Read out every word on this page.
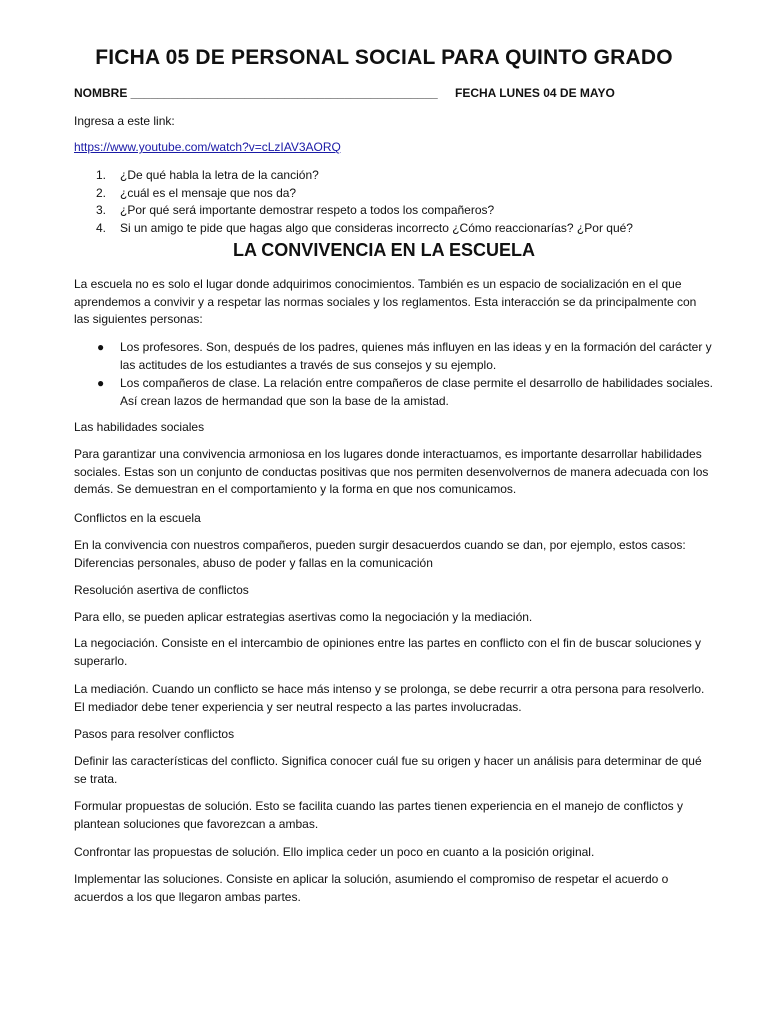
FICHA 05 DE PERSONAL SOCIAL PARA QUINTO GRADO
NOMBRE ______________________________________________ FECHA LUNES 04 DE MAYO
Ingresa a este link:
https://www.youtube.com/watch?v=cLzIAV3AORQ
1.	¿De qué habla la letra de la canción?
2.	¿cuál es el mensaje que nos da?
3.	¿Por qué será importante demostrar respeto a todos los compañeros?
4.	Si un amigo te pide que hagas algo que consideras incorrecto ¿Cómo reaccionarías? ¿Por qué?
LA CONVIVENCIA EN LA ESCUELA
La escuela no es solo el lugar donde adquirimos conocimientos. También es un espacio de socialización en el que aprendemos a convivir y a respetar las normas sociales y los reglamentos. Esta interacción se da principalmente con las siguientes personas:
● Los profesores. Son, después de los padres, quienes más influyen en las ideas y en la formación del carácter y las actitudes de los estudiantes a través de sus consejos y su ejemplo.
● Los compañeros de clase. La relación entre compañeros de clase permite el desarrollo de habilidades sociales. Así crean lazos de hermandad que son la base de la amistad.
Las habilidades sociales
Para garantizar una convivencia armoniosa en los lugares donde interactuamos, es importante desarrollar habilidades sociales. Estas son un conjunto de conductas positivas que nos permiten desenvolvernos de manera adecuada con los demás. Se demuestran en el comportamiento y la forma en que nos comunicamos.
Conflictos en la escuela
En la convivencia con nuestros compañeros, pueden surgir desacuerdos cuando se dan, por ejemplo, estos casos: Diferencias personales, abuso de poder y fallas en la comunicación
Resolución asertiva de conflictos
Para ello, se pueden aplicar estrategias asertivas como la negociación y la mediación.
La negociación. Consiste en el intercambio de opiniones entre las partes en conflicto con el fin de buscar soluciones y superarlo.
La mediación. Cuando un conflicto se hace más intenso y se prolonga, se debe recurrir a otra persona para resolverlo. El mediador debe tener experiencia y ser neutral respecto a las partes involucradas.
Pasos para resolver conflictos
Definir las características del conflicto. Significa conocer cuál fue su origen y hacer un análisis para determinar de qué se trata.
Formular propuestas de solución. Esto se facilita cuando las partes tienen experiencia en el manejo de conflictos y plantean soluciones que favorezcan a ambas.
Confrontar las propuestas de solución. Ello implica ceder un poco en cuanto a la posición original.
Implementar las soluciones. Consiste en aplicar la solución, asumiendo el compromiso de respetar el acuerdo o acuerdos a los que llegaron ambas partes.
